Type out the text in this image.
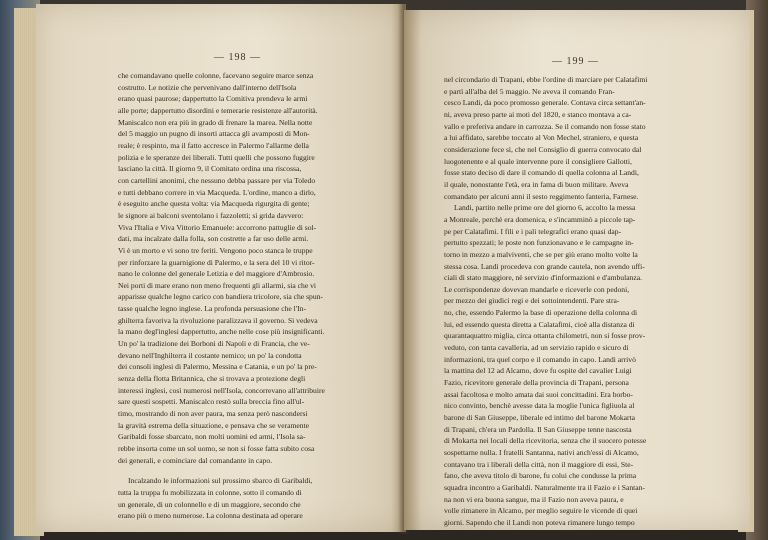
— 198 —
che comandavano quelle colonne, facevano seguire marce senza
costrutto. Le notizie che pervenivano dall'interno dell'Isola
erano quasi paurose; dappertutto la Comitiva prendeva le armi
alle porte; dappertutto disordini e temerarie resistenze all'autorità.
Maniscalco non era più in grado di frenare la marea. Nella notte
del 5 maggio un pugno di insorti attacca gli avamposti di Mon-
reale; è respinto, ma il fatto accresce in Palermo l'allarme della
polizia e le speranze dei liberali. Tutti quelli che possono fuggire
lasciano la città. Il giorno 9, il Comitato ordina una riscossa,
con cartellini anonimi, che nessuno debba passare per via Toledo
e tutti debbano correre in via Macqueda. L'ordine, manco a dirlo,
è eseguito anche questa volta: via Macqueda rigurgita di gente;
le signore ai balconi sventolano i fazzoletti; si grida davvero:
Viva l'Italia e Viva Vittorio Emanuele: accorrono pattuglie di sol-
dati, ma incalzate dalla folla, son costrette a far uso delle armi.
Vi è un morto e vi sono tre feriti. Vengono poco stanca le truppe
per rinforzare la guarnigione di Palermo, e la sera del 10 vi ritor-
nano le colonne del generale Letizia e del maggiore d'Ambrosio.
Nei porti di mare erano non meno frequenti gli allarmi, sia che vi
apparisse qualche legno carico con bandiera tricolore, sia che spun-
tasse qualche legno inglese. La profonda persuasione che l'In-
ghilterra favoriva la rivoluzione paralizzava il governo. Si vedeva
la mano degl'inglesi dappertutto, anche nelle cose più insignificanti.
Un po' la tradizione dei Borboni di Napoli e di Francia, che ve-
devano nell'Inghilterra il costante nemico; un po' la condotta
dei consoli inglesi di Palermo, Messina e Catania, e un po' la pre-
senza della flotta Britannica, che si trovava a protezione degli
interessi inglesi, così numerosi nell'Isola, concorrevano all'attribuire
sare questi sospetti. Maniscalco restò sulla breccia fino all'ul-
timo, mostrando di non aver paura, ma senza però nascondersi
la gravità estrema della situazione, e pensava che se veramente
Garibaldi fosse sbarcato, non molti uomini ed armi, l'Isola sa-
rebbe insorta come un sol uomo, se non si fosse fatta subito cosa
dei generali, e cominciare dal comandante in capo.
Incalzando le informazioni sul prossimo sbarco di Garibaldi,
tutta la truppa fu mobilizzata in colonne, sotto il comando di
un generale, di un colonnello e di un maggiore, secondo che
erano più o meno numerose. La colonna destinata ad operare
— 199 —
nel circondario di Trapani, ebbe l'ordine di marciare per Calatafimi
e partì all'alba del 5 maggio. Ne aveva il comando Fran-
cesco Landi, da poco promosso generale. Contava circa settant'an-
ni, aveva preso parte ai moti del 1820, e stanco montava a ca-
vallo e preferiva andare in carrozza. Se il comando non fosse stato
a lui affidato, sarebbe toccato al Von Mechel, straniero, e questa
considerazione fece sì, che nel Consiglio di guerra convocato dal
luogotenente e al quale intervenne pure il consigliere Gallotti,
fosse stato deciso di dare il comando di quella colonna al Landi,
il quale, nonostante l'età, era in fama di buon militare. Aveva
comandato per alcuni anni il sesto reggimento fanteria, Farnese.
Landi, partito nelle prime ore del giorno 6, accolto la messa
a Monreale, perchè era domenica, e s'incamminò a piccole tap-
pe per Calatafimi. I fili e i pali telegrafici erano quasi dap-
pertutto spezzati; le poste non funzionavano e le campagne in-
torno in mezzo a malviventi, che se per giù erano molto volte la
stessa cosa. Landi procedeva con grande cautela, non avendo uffi-
ciali di stato maggiore, nè servizio d'informazioni e d'ambulanza.
Le corrispondenze dovevan mandarle e riceverle con pedoni,
per mezzo dei giudici regi e dei sottointendenti. Pare stra-
no, che, essendo Palermo la base di operazione della colonna di
lui, ed essendo questa diretta a Calatafimi, cioè alla distanza di
quarantaquattro miglia, circa ottanta chilometri, non si fosse prov-
veduto, con tanta cavalleria, ad un servizio rapido e sicuro di
informazioni, tra quel corpo e il comando in capo. Landi arrivò
la mattina del 12 ad Alcamo, dove fu ospite del cavalier Luigi
Fazio, ricevitore generale della provincia di Trapani, persona
assai facoltosa e molto amata dai suoi concittadini. Era borbo-
nico convinto, benchè avesse data la moglie l'unica figliuola al
barone di San Giuseppe, liberale ed intimo del barone Mokarta
di Trapani, ch'era un Pardolla. Il San Giuseppe tenne nascosta
di Mokarta nei locali della ricevitoria, senza che il suocero potesse
sospettarne nulla. I fratelli Santanna, nativi anch'essi di Alcamo,
contavano tra i liberali della città, non il maggiore di essi, Ste-
fano, che aveva titolo di barone, fu colui che condusse la prima
squadra incontro a Garibaldi. Naturalmente tra il Fazio e i Santan-
na non vi era buona sangue, ma il Fazio non aveva paura, e
volle rimanere in Alcamo, per meglio seguire le vicende di quei
giorni. Sapendo che il Landi non poteva rimanere lungo tempo
